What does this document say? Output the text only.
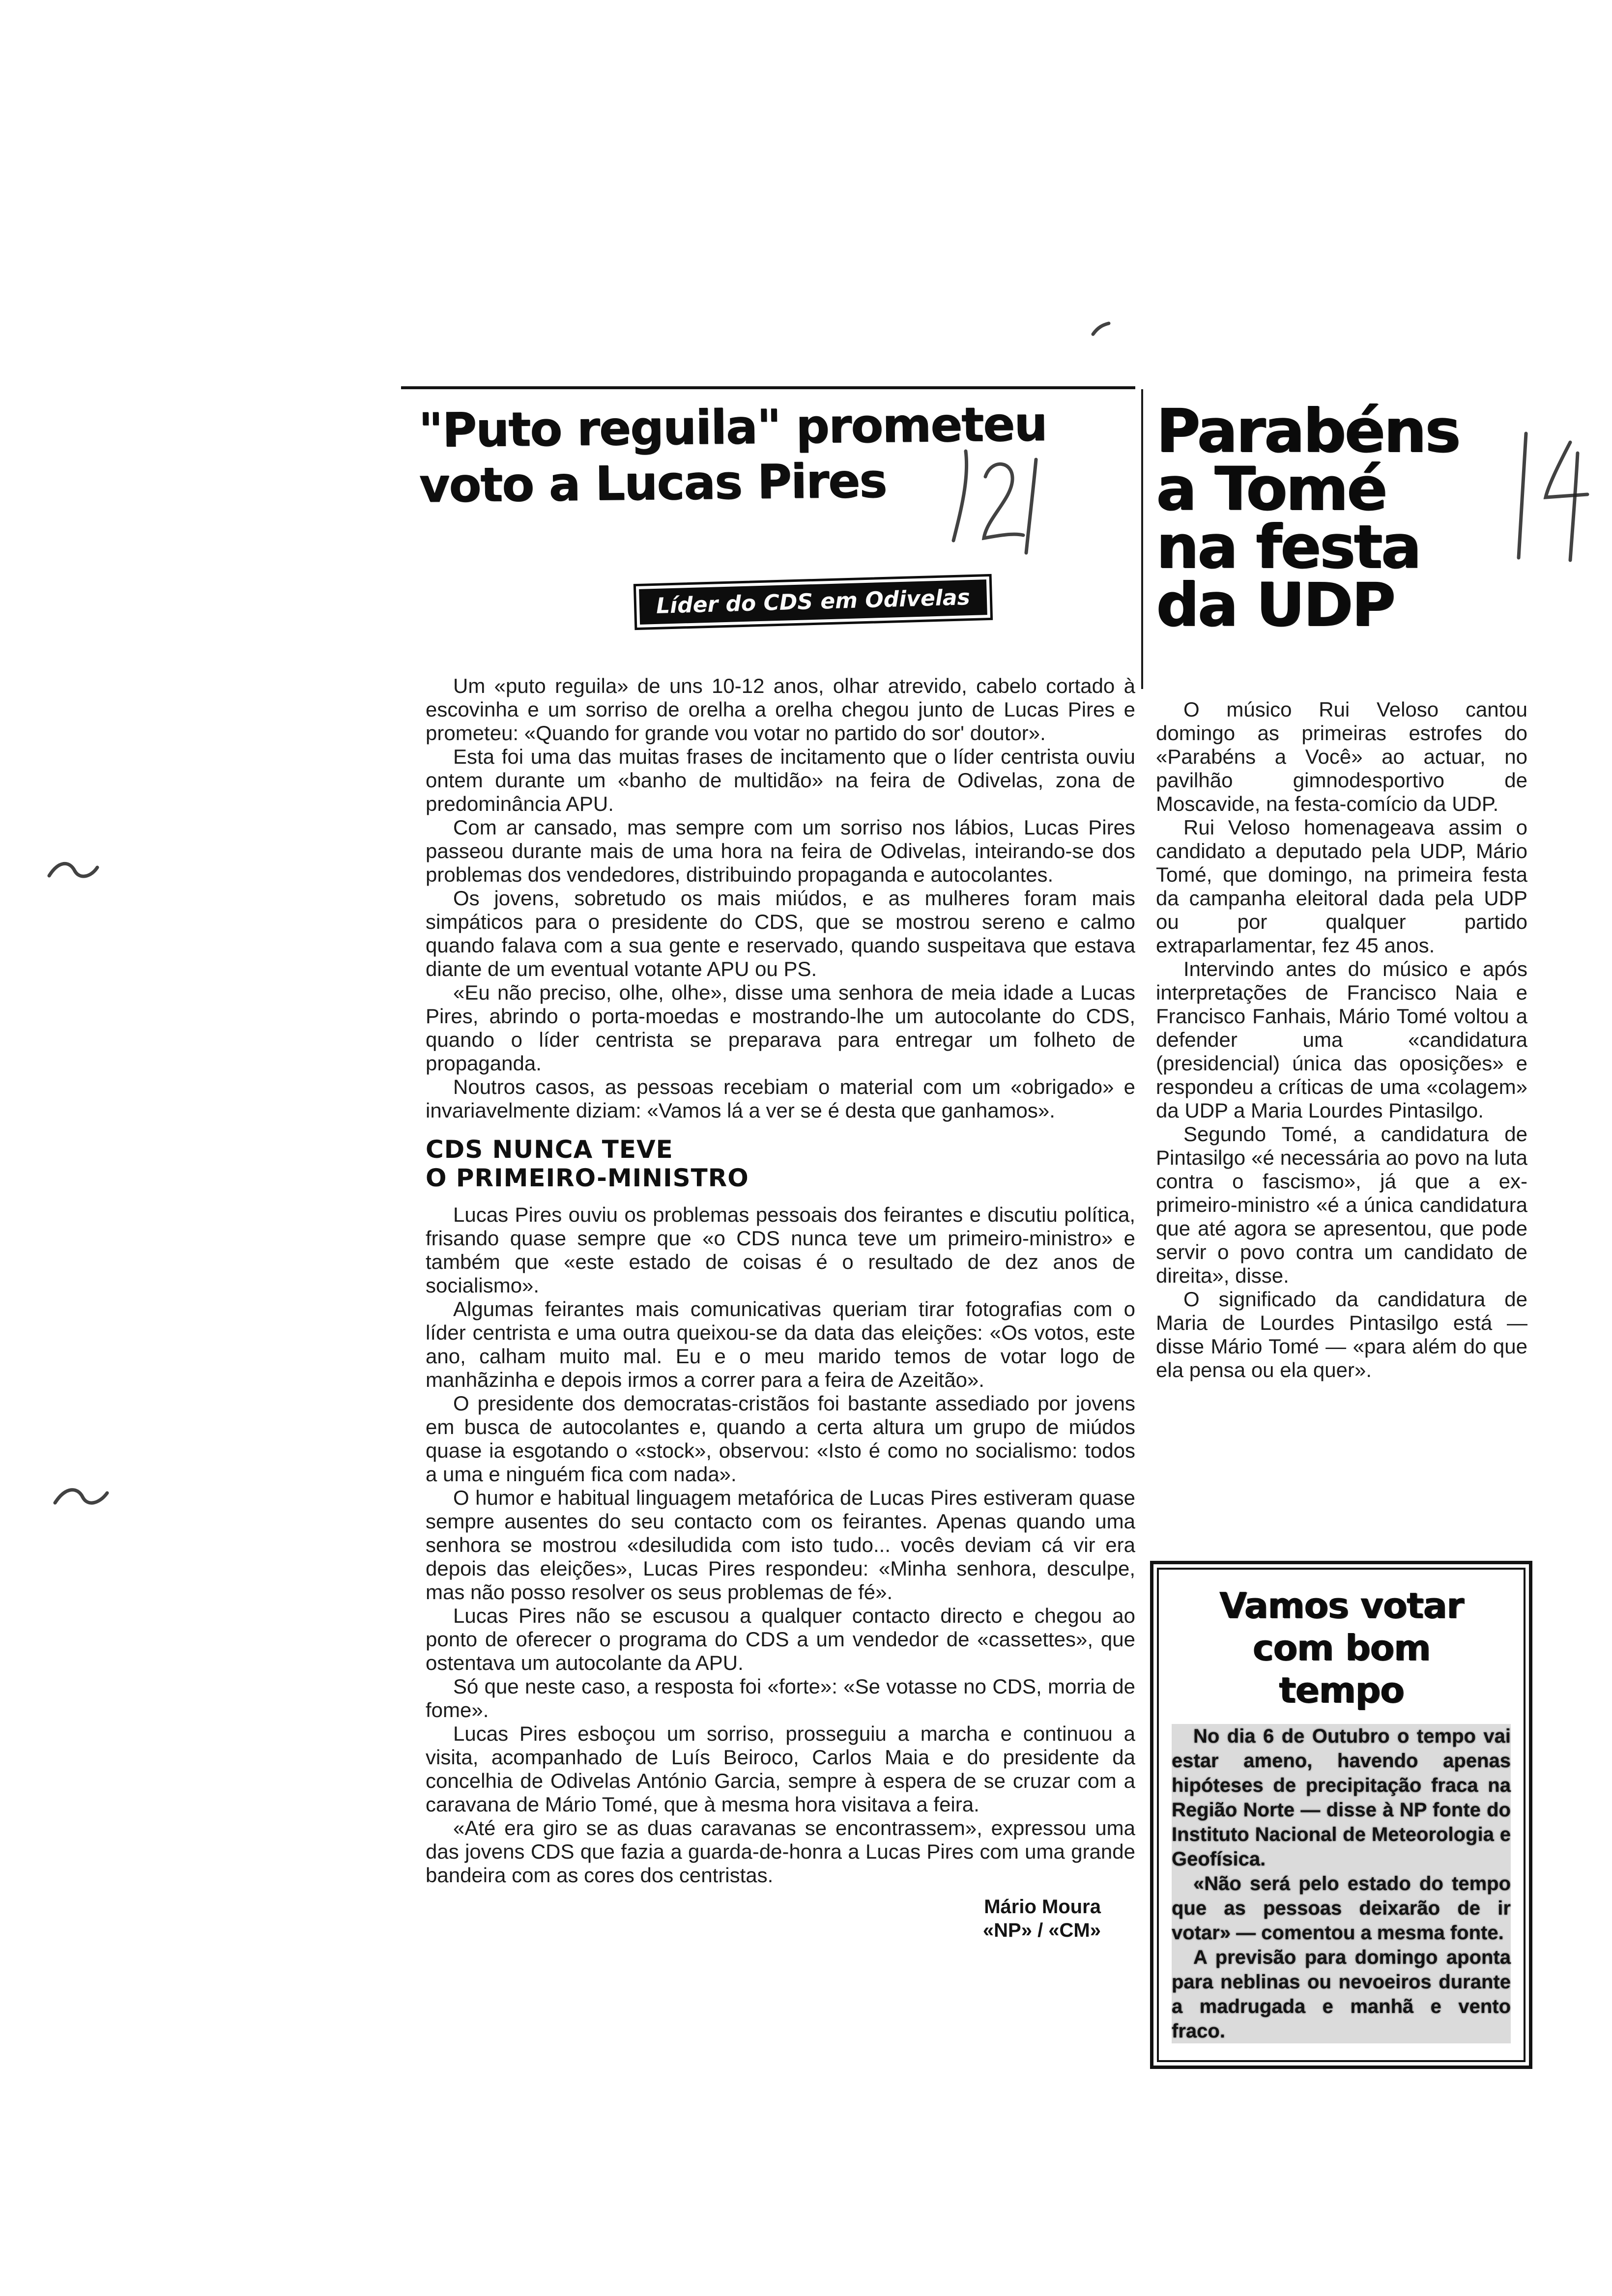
"Puto reguila" prometeu
voto a Lucas Pires
Líder do CDS em Odivelas

Um «puto reguila» de uns 10-12 anos, olhar atrevido, cabelo cortado à escovinha e um sorriso de orelha a orelha chegou junto de Lucas Pires e prometeu: «Quando for grande vou votar no partido do sor' doutor».

Esta foi uma das muitas frases de incitamento que o líder centrista ouviu ontem durante um «banho de multidão» na feira de Odivelas, zona de predominância APU.

Com ar cansado, mas sempre com um sorriso nos lábios, Lucas Pires passeou durante mais de uma hora na feira de Odivelas, inteirando-se dos problemas dos vendedores, distribuindo propaganda e autocolantes.

Os jovens, sobretudo os mais miúdos, e as mulheres foram mais simpáticos para o presidente do CDS, que se mostrou sereno e calmo quando falava com a sua gente e reservado, quando suspeitava que estava diante de um eventual votante APU ou PS.

«Eu não preciso, olhe, olhe», disse uma senhora de meia idade a Lucas Pires, abrindo o porta-moedas e mostrando-lhe um autocolante do CDS, quando o líder centrista se preparava para entregar um folheto de propaganda.

Noutros casos, as pessoas recebiam o material com um «obrigado» e invariavelmente diziam: «Vamos lá a ver se é desta que ganhamos».

CDS NUNCA TEVE
O PRIMEIRO-MINISTRO

Lucas Pires ouviu os problemas pessoais dos feirantes e discutiu política, frisando quase sempre que «o CDS nunca teve um primeiro-ministro» e também que «este estado de coisas é o resultado de dez anos de socialismo».

Algumas feirantes mais comunicativas queriam tirar fotografias com o líder centrista e uma outra queixou-se da data das eleições: «Os votos, este ano, calham muito mal. Eu e o meu marido temos de votar logo de manhãzinha e depois irmos a correr para a feira de Azeitão».

O presidente dos democratas-cristãos foi bastante assediado por jovens em busca de autocolantes e, quando a certa altura um grupo de miúdos quase ia esgotando o «stock», observou: «Isto é como no socialismo: todos a uma e ninguém fica com nada».

O humor e habitual linguagem metafórica de Lucas Pires estiveram quase sempre ausentes do seu contacto com os feirantes. Apenas quando uma senhora se mostrou «desiludida com isto tudo... vocês deviam cá vir era depois das eleições», Lucas Pires respondeu: «Minha senhora, desculpe, mas não posso resolver os seus problemas de fé».

Lucas Pires não se escusou a qualquer contacto directo e chegou ao ponto de oferecer o programa do CDS a um vendedor de «cassettes», que ostentava um autocolante da APU.

Só que neste caso, a resposta foi «forte»: «Se votasse no CDS, morria de fome».

Lucas Pires esboçou um sorriso, prosseguiu a marcha e continuou a visita, acompanhado de Luís Beiroco, Carlos Maia e do presidente da concelhia de Odivelas António Garcia, sempre à espera de se cruzar com a caravana de Mário Tomé, que à mesma hora visitava a feira.

«Até era giro se as duas caravanas se encontrassem», expressou uma das jovens CDS que fazia a guarda-de-honra a Lucas Pires com uma grande bandeira com as cores dos centristas.

Mário Moura
«NP» / «CM»
Parabéns
a Tomé
na festa
da UDP

O músico Rui Veloso cantou domingo as primeiras estrofes do «Parabéns a Você» ao actuar, no pavilhão gimnodesportivo de Moscavide, na festa-comício da UDP.

Rui Veloso homenageava assim o candidato a deputado pela UDP, Mário Tomé, que domingo, na primeira festa da campanha eleitoral dada pela UDP ou por qualquer partido extraparlamentar, fez 45 anos.

Intervindo antes do músico e após interpretações de Francisco Naia e Francisco Fanhais, Mário Tomé voltou a defender uma «candidatura (presidencial) única das oposições» e respondeu a críticas de uma «colagem» da UDP a Maria Lourdes Pintasilgo.

Segundo Tomé, a candidatura de Pintasilgo «é necessária ao povo na luta contra o fascismo», já que a ex-primeiro-ministro «é a única candidatura que até agora se apresentou, que pode servir o povo contra um candidato de direita», disse.

O significado da candidatura de Maria de Lourdes Pintasilgo está — disse Mário Tomé — «para além do que ela pensa ou ela quer».

Vamos votar
com bom
tempo

No dia 6 de Outubro o tempo vai estar ameno, havendo apenas hipóteses de precipitação fraca na Região Norte — disse à NP fonte do Instituto Nacional de Meteorologia e Geofísica.

«Não será pelo estado do tempo que as pessoas deixarão de ir votar» — comentou a mesma fonte.

A previsão para domingo aponta para neblinas ou nevoeiros durante a madrugada e manhã e vento fraco.
